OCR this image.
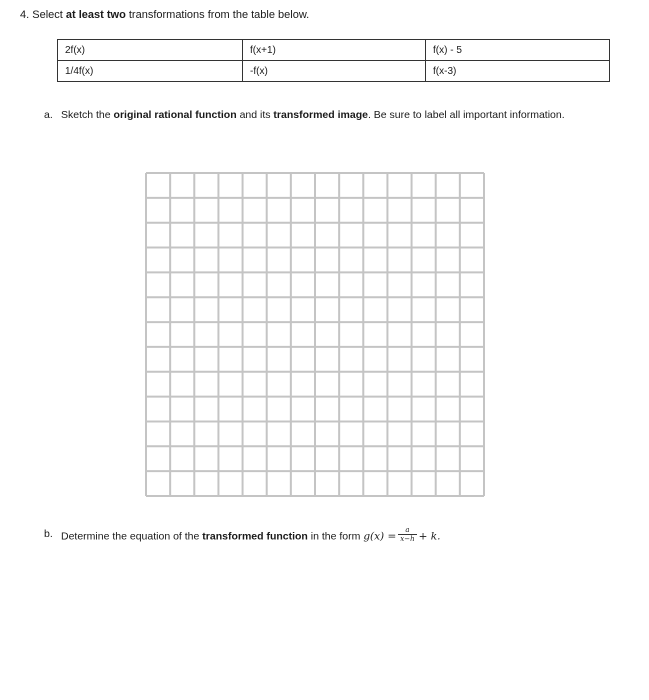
4. Select at least two transformations from the table below.
2f(x)	f(x+1)	f(x) - 5
1/4f(x)	-f(x)	f(x-3)
a. Sketch the original rational function and its transformed image. Be sure to label all important information.
b. Determine the equation of the transformed function in the form $g(x) = \frac{a}{x-h} + k$.
